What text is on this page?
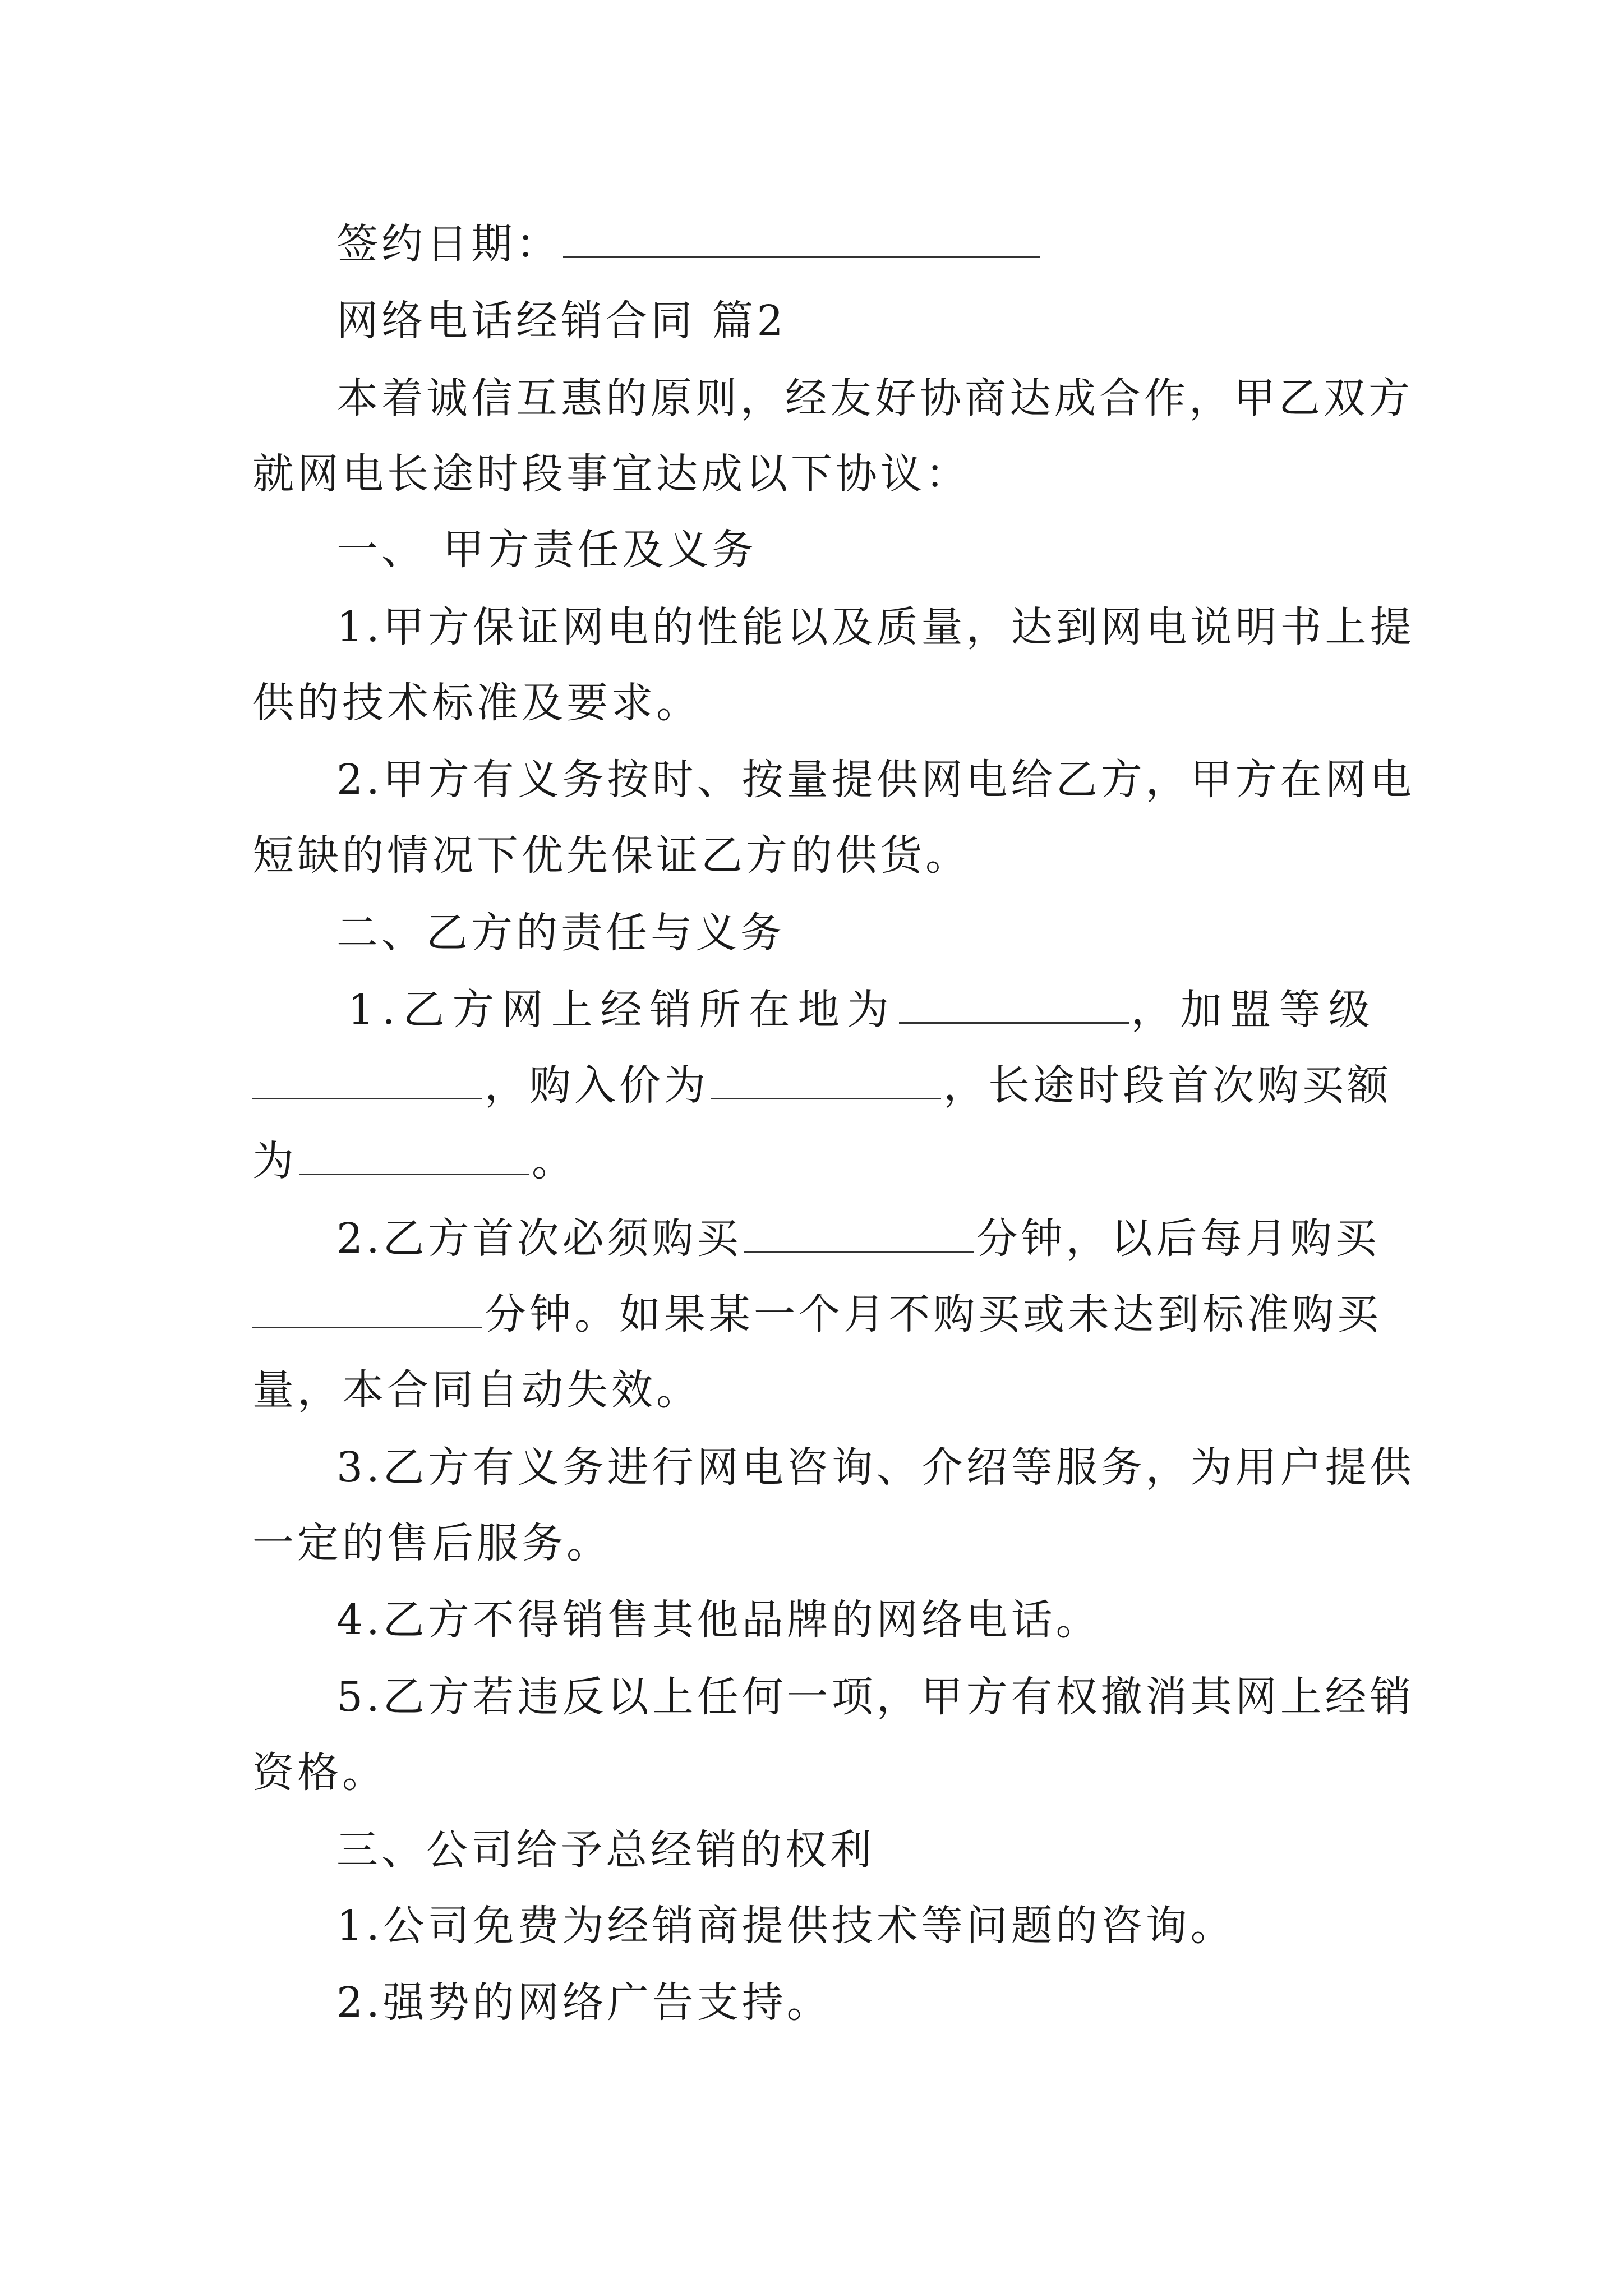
签约日期：
网络电话经销合同 篇2
本着诚信互惠的原则，经友好协商达成合作，甲乙双方
就网电长途时段事宜达成以下协议：
一、 甲方责任及义务
1.甲方保证网电的性能以及质量，达到网电说明书上提
供的技术标准及要求。
2.甲方有义务按时、按量提供网电给乙方，甲方在网电
短缺的情况下优先保证乙方的供货。
二、乙方的责任与义务
1.乙方网上经销所在地为	，加盟等级
，购入价为	，长途时段首次购买额
为	。
2.乙方首次必须购买	分钟，以后每月购买
分钟。如果某一个月不购买或未达到标准购买
量，本合同自动失效。
3.乙方有义务进行网电咨询、介绍等服务，为用户提供
一定的售后服务。
4.乙方不得销售其他品牌的网络电话。
5.乙方若违反以上任何一项，甲方有权撤消其网上经销
资格。
三、公司给予总经销的权利
1.公司免费为经销商提供技术等问题的咨询。
2.强势的网络广告支持。
